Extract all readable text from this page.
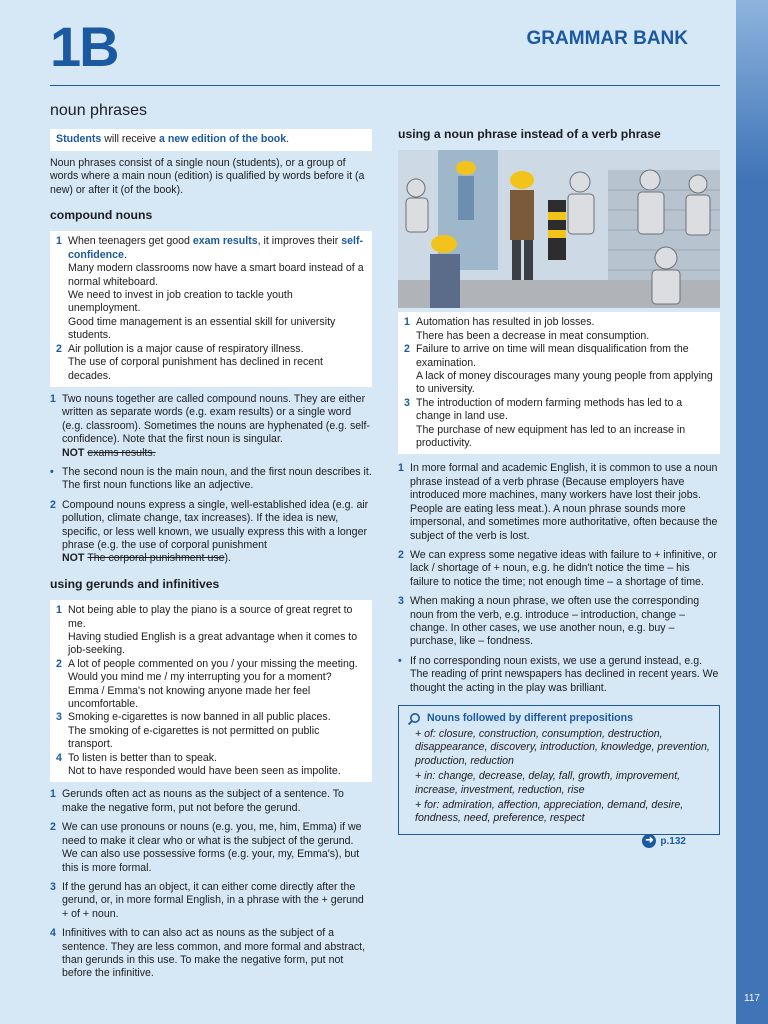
1B	GRAMMAR BANK
noun phrases
Students will receive a new edition of the book.

Noun phrases consist of a single noun (students), or a group of words where a main noun (edition) is qualified by words before it (a new) or after it (of the book).

compound nouns
1 When teenagers get good exam results, it improves their self-confidence.
Many modern classrooms now have a smart board instead of a normal whiteboard.
We need to invest in job creation to tackle youth unemployment.
Good time management is an essential skill for university students.
2 Air pollution is a major cause of respiratory illness.
The use of corporal punishment has declined in recent decades.
1 Two nouns together are called compound nouns. They are either written as separate words (e.g. exam results) or a single word (e.g. classroom). Sometimes the nouns are hyphenated (e.g. self-confidence). Note that the first noun is singular.
NOT exams results.
• The second noun is the main noun, and the first noun describes it. The first noun functions like an adjective.
2 Compound nouns express a single, well-established idea (e.g. air pollution, climate change, tax increases). If the idea is new, specific, or less well known, we usually express this with a longer phrase (e.g. the use of corporal punishment
NOT The corporal punishment use).
using gerunds and infinitives
1 Not being able to play the piano is a source of great regret to me.
Having studied English is a great advantage when it comes to job-seeking.
2 A lot of people commented on you / your missing the meeting.
Would you mind me / my interrupting you for a moment?
Emma / Emma's not knowing anyone made her feel uncomfortable.
3 Smoking e-cigarettes is now banned in all public places.
The smoking of e-cigarettes is not permitted on public transport.
4 To listen is better than to speak.
Not to have responded would have been seen as impolite.
1 Gerunds often act as nouns as the subject of a sentence. To make the negative form, put not before the gerund.
2 We can use pronouns or nouns (e.g. you, me, him, Emma) if we need to make it clear who or what is the subject of the gerund. We can also use possessive forms (e.g. your, my, Emma's), but this is more formal.
3 If the gerund has an object, it can either come directly after the gerund, or, in more formal English, in a phrase with the + gerund + of + noun.
4 Infinitives with to can also act as nouns as the subject of a sentence. They are less common, and more formal and abstract, than gerunds in this use. To make the negative form, put not before the infinitive.
using a noun phrase instead of a verb phrase
1 Automation has resulted in job losses.
There has been a decrease in meat consumption.
2 Failure to arrive on time will mean disqualification from the examination.
A lack of money discourages many young people from applying to university.
3 The introduction of modern farming methods has led to a change in land use.
The purchase of new equipment has led to an increase in productivity.
1 In more formal and academic English, it is common to use a noun phrase instead of a verb phrase (Because employers have introduced more machines, many workers have lost their jobs. People are eating less meat.). A noun phrase sounds more impersonal, and sometimes more authoritative, often because the subject of the verb is lost.
2 We can express some negative ideas with failure to + infinitive, or lack / shortage of + noun, e.g. he didn't notice the time – his failure to notice the time; not enough time – a shortage of time.
3 When making a noun phrase, we often use the corresponding noun from the verb, e.g. introduce – introduction, change – change. In other cases, we use another noun, e.g. buy – purchase, like – fondness.
• If no corresponding noun exists, we use a gerund instead, e.g. The reading of print newspapers has declined in recent years. We thought the acting in the play was brilliant.
Nouns followed by different prepositions
+ of: closure, construction, consumption, destruction, disappearance, discovery, introduction, knowledge, prevention, production, reduction
+ in: change, decrease, delay, fall, growth, improvement, increase, investment, reduction, rise
+ for: admiration, affection, appreciation, demand, desire, fondness, need, preference, respect
➜ p.132
117
